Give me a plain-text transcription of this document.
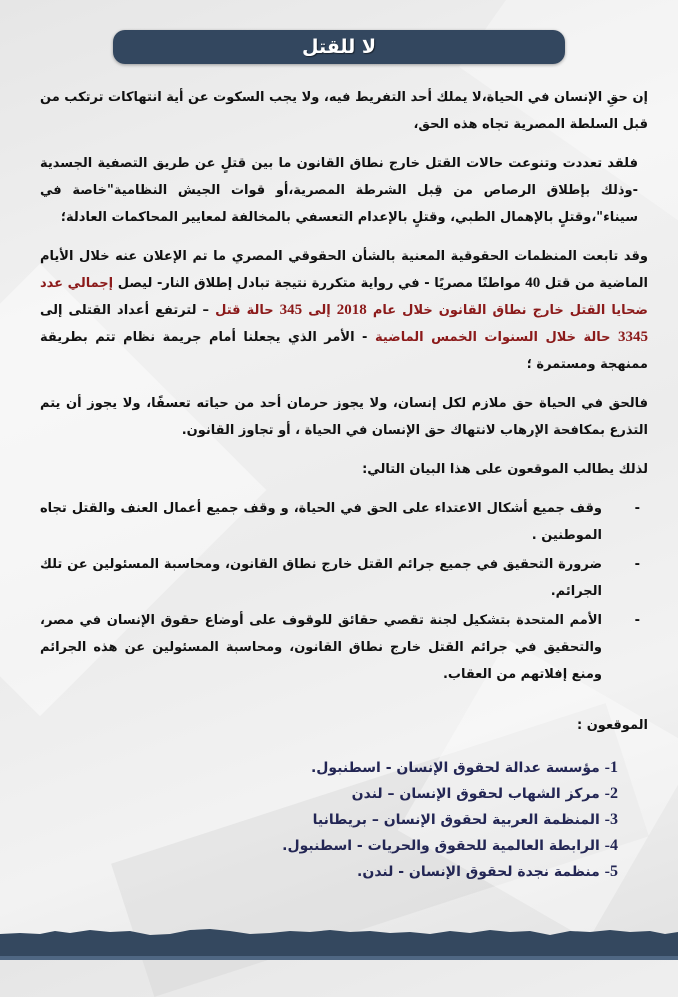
لا للقتل

إن حقِ الإنسان في الحياة،لا يملك أحد التفريط فيه، ولا يجب السكوت عن أية انتهاكات ترتكب من قبل السلطة المصرية تجاه هذه الحق،

فلقد تعددت وتنوعت حالات القتل خارج نطاق القانون ما بين قتلٍ عن طريق التصفية الجسدية -وذلك بإطلاق الرصاص من قِبل الشرطة المصرية،أو قوات الجيش النظامية"خاصة في سيناء"،وقتلٍ بالإهمال الطبي، وقتلٍ بالإعدام التعسفي بالمخالفة لمعايير المحاكمات العادلة؛

وقد تابعت المنظمات الحقوقية المعنية بالشأن الحقوقي المصري ما تم الإعلان عنه خلال الأيام الماضية من قتل 40 مواطنًا مصريًا - في رواية متكررة نتيجة تبادل إطلاق النار- ليصل إجمالي عدد ضحايا القتل خارج نطاق القانون خلال عام 2018 إلى 345 حالة قتل – لترتفع أعداد القتلى إلى 3345 حالة خلال السنوات الخمس الماضية - الأمر الذي يجعلنا أمام جريمة نظام تتم بطريقة ممنهجة ومستمرة ؛

فالحق في الحياة حق ملازم لكل إنسان، ولا يجوز حرمان أحد من حياته تعسفًا، ولا يجوز أن يتم التذرع بمكافحة الإرهاب لانتهاك حق الإنسان في الحياة ، أو تجاوز القانون.

لذلك يطالب الموقعون على هذا البيان التالي:

-
وقف جميع أشكال الاعتداء على الحق في الحياة، و وقف جميع أعمال العنف والقتل تجاه الموطنين .
-
ضرورة التحقيق في جميع جرائم القتل خارج نطاق القانون، ومحاسبة المسئولين عن تلك الجرائم.
-
الأمم المتحدة بتشكيل لجنة تقصي حقائق للوقوف على أوضاع حقوق الإنسان في مصر، والتحقيق في جرائم القتل خارج نطاق القانون، ومحاسبة المسئولين عن هذه الجرائم ومنع إفلاتهم من العقاب.
الموقعون :
1- مؤسسة عدالة لحقوق الإنسان - اسطنبول.
2- مركز الشهاب لحقوق الإنسان – لندن
3- المنظمة العربية لحقوق الإنسان – بريطانيا
4- الرابطة العالمية للحقوق والحريات - اسطنبول.
5- منظمة نجدة لحقوق الإنسان - لندن.
